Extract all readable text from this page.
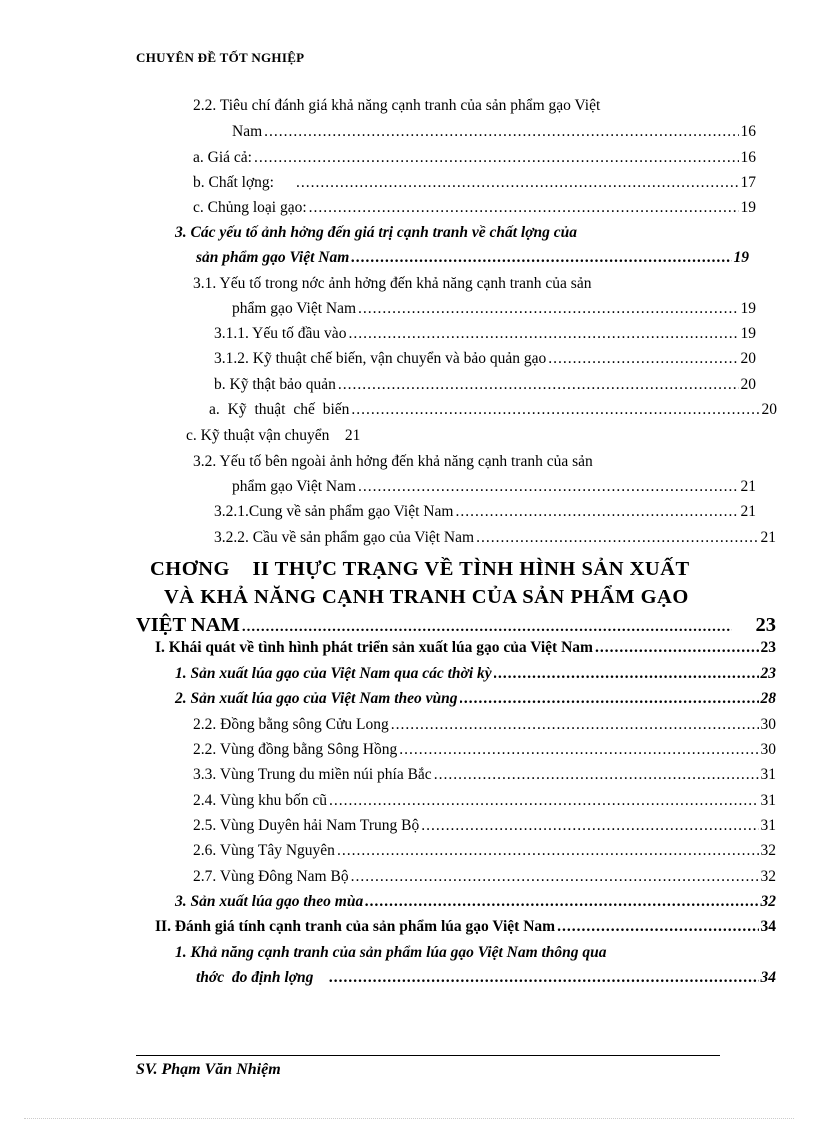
CHUYÊN ĐỀ TỐT NGHIỆP
2.2. Tiêu chí đánh giá khả năng cạnh tranh của sản phẩm gạo Việt
Nam .....	16
a. Giá cả: .....	16
b. Chất lợng: .....	17
c. Chủng loại gạo: .....	19
3. Các yếu tố ảnh hởng đến giá trị cạnh tranh về chất lợng của
sản phẩm gạo Việt Nam .....	19
3.1. Yếu tố trong nớc ảnh hởng đến khả năng cạnh tranh của sản
phẩm gạo Việt Nam .....	19
3.1.1. Yếu tố đầu vào .....	19
3.1.2. Kỹ thuật chế biến, vận chuyển và bảo quản gạo .....	20
b. Kỹ thật bảo quản .....	20
a. Kỹ thuật chế biến .....	20
c. Kỹ thuật vận chuyển    21
3.2. Yếu tố bên ngoài ảnh hởng đến khả năng cạnh tranh của sản
phẩm gạo Việt Nam .....	21
3.2.1.Cung về sản phẩm gạo Việt Nam .....	21
3.2.2. Cầu về sản phẩm gạo của Việt Nam .....	21
CHƠNG    II THỰC TRẠNG VỀ TÌNH HÌNH SẢN XUẤT
VÀ KHẢ NĂNG CẠNH TRANH CỦA SẢN PHẨM GẠO
VIỆT NAM .....	23
I. Khái quát về tình hình phát triển sản xuất lúa gạo của Việt Nam .....	23
1. Sản xuất lúa gạo của Việt Nam qua các thời kỳ .....	23
2. Sản xuất lúa gạo của Việt Nam theo vùng .....	28
2.2. Đồng bằng sông Cửu Long .....	30
2.2. Vùng đồng bằng Sông Hồng .....	30
3.3. Vùng Trung du miền núi phía Bắc .....	31
2.4. Vùng khu bốn cũ .....	31
2.5. Vùng Duyên hải Nam Trung Bộ .....	31
2.6. Vùng Tây Nguyên .....	32
2.7. Vùng Đông Nam Bộ .....	32
3. Sản xuất lúa gạo theo mùa .....	32
II. Đánh giá tính cạnh tranh của sản phẩm lúa gạo Việt Nam .....	34
1. Khả năng cạnh tranh của sản phẩm lúa gạo Việt Nam thông qua
thớc  đo định lợng .....	34
SV. Phạm Văn Nhiệm
